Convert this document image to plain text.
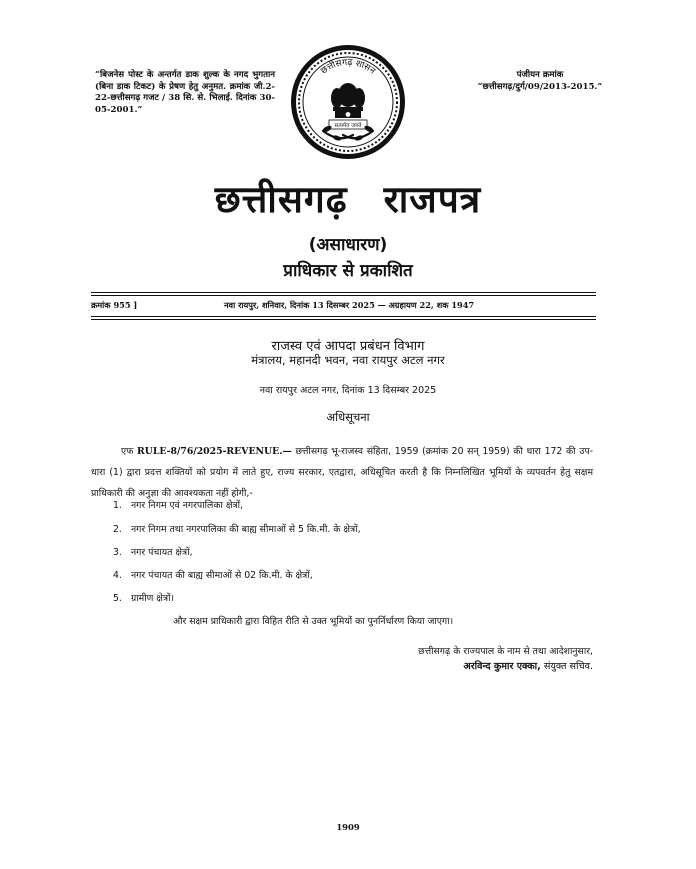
“बिजनेस पोस्ट के अन्तर्गत डाक शुल्क के नगद भुगतान (बिना डाक टिकट) के प्रेषण हेतु अनुमत. क्रमांक जी.2-22-छत्तीसगढ़ गजट / 38 सि. से. भिलाई. दिनांक 30-05-2001.”
पंजीयन क्रमांक
“छत्तीसगढ़/दुर्ग/09/2013-2015.”
छत्तीसगढ़ शासन
सत्यमेव जयते
छत्तीसगढ़ राजपत्र
(असाधारण)
प्राधिकार से प्रकाशित
क्रमांक 955 ]	नवा रायपुर, शनिवार, दिनांक 13 दिसम्बर 2025 — अग्रहायण 22, शक 1947
राजस्व एवं आपदा प्रबंधन विभाग
मंत्रालय, महानदी भवन, नवा रायपुर अटल नगर
नवा रायपुर अटल नगर, दिनांक 13 दिसम्बर 2025
अधिसूचना
एफ RULE-8/76/2025-REVENUE.— छत्तीसगढ़ भू-राजस्व संहिता, 1959 (क्रमांक 20 सन् 1959) की धारा 172 की उप-धारा (1) द्वारा प्रदत्त शक्तियों को प्रयोग में लाते हुए, राज्य सरकार, एतद्वारा, अधिसूचित करती है कि निम्नलिखित भूमियों के व्यपवर्तन हेतु सक्षम प्राधिकारी की अनुज्ञा की आवश्यकता नहीं होगी,-
1. नगर निगम एवं नगरपालिका क्षेत्रों,
2. नगर निगम तथा नगरपालिका की बाह्य सीमाओं से 5 कि.मी. के क्षेत्रों,
3. नगर पंचायत क्षेत्रों,
4. नगर पंचायत की बाह्य सीमाओं से 02 कि.मी. के क्षेत्रों,
5. ग्रामीण क्षेत्रों।
और सक्षम प्राधिकारी द्वारा विहित रीति से उक्त भूमियों का पुनर्निर्धारण किया जाएगा।
छत्तीसगढ़ के राज्यपाल के नाम से तथा आदेशानुसार,
अरविन्द कुमार एक्का, संयुक्त सचिव.
1909
